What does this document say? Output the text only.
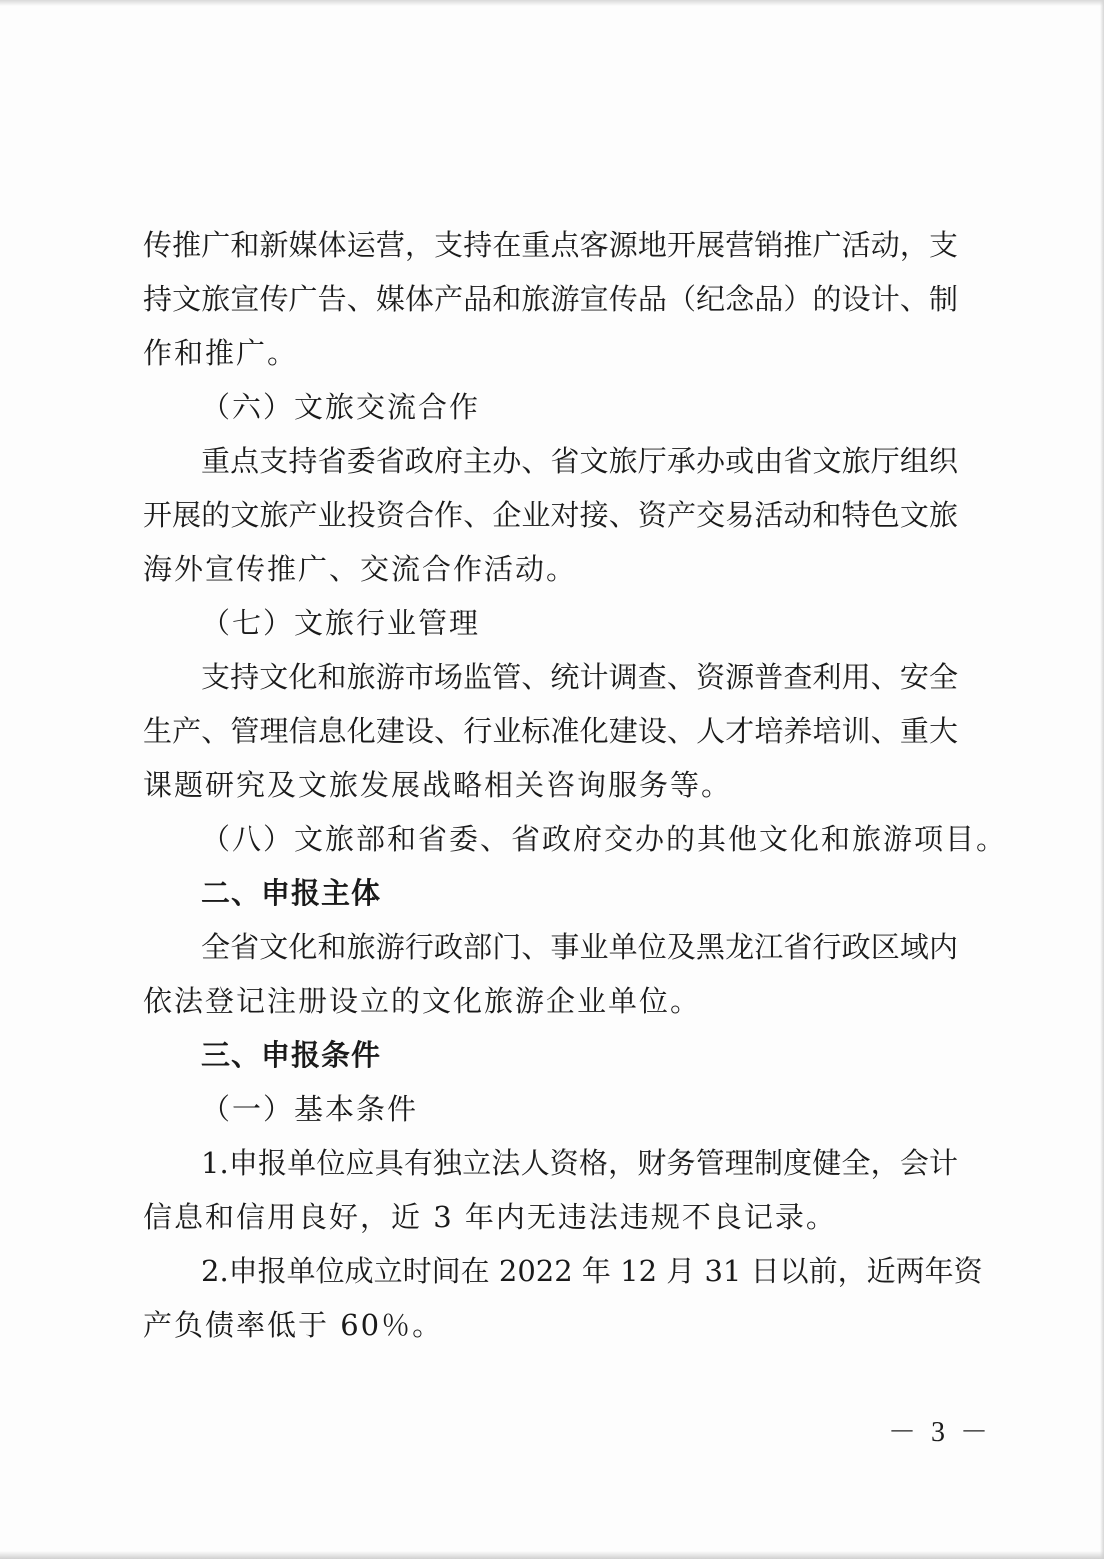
传推广和新媒体运营，支持在重点客源地开展营销推广活动，支
持文旅宣传广告、媒体产品和旅游宣传品（纪念品）的设计、制
作和推广。
（六）文旅交流合作
重点支持省委省政府主办、省文旅厅承办或由省文旅厅组织
开展的文旅产业投资合作、企业对接、资产交易活动和特色文旅
海外宣传推广、交流合作活动。
（七）文旅行业管理
支持文化和旅游市场监管、统计调查、资源普查利用、安全
生产、管理信息化建设、行业标准化建设、人才培养培训、重大
课题研究及文旅发展战略相关咨询服务等。
（八）文旅部和省委、省政府交办的其他文化和旅游项目。
二、申报主体
全省文化和旅游行政部门、事业单位及黑龙江省行政区域内
依法登记注册设立的文化旅游企业单位。
三、申报条件
（一）基本条件
1.申报单位应具有独立法人资格，财务管理制度健全，会计
信息和信用良好，近 3 年内无违法违规不良记录。
2.申报单位成立时间在 2022 年 12 月 31 日以前，近两年资
产负债率低于 60％。
－ 3 －
